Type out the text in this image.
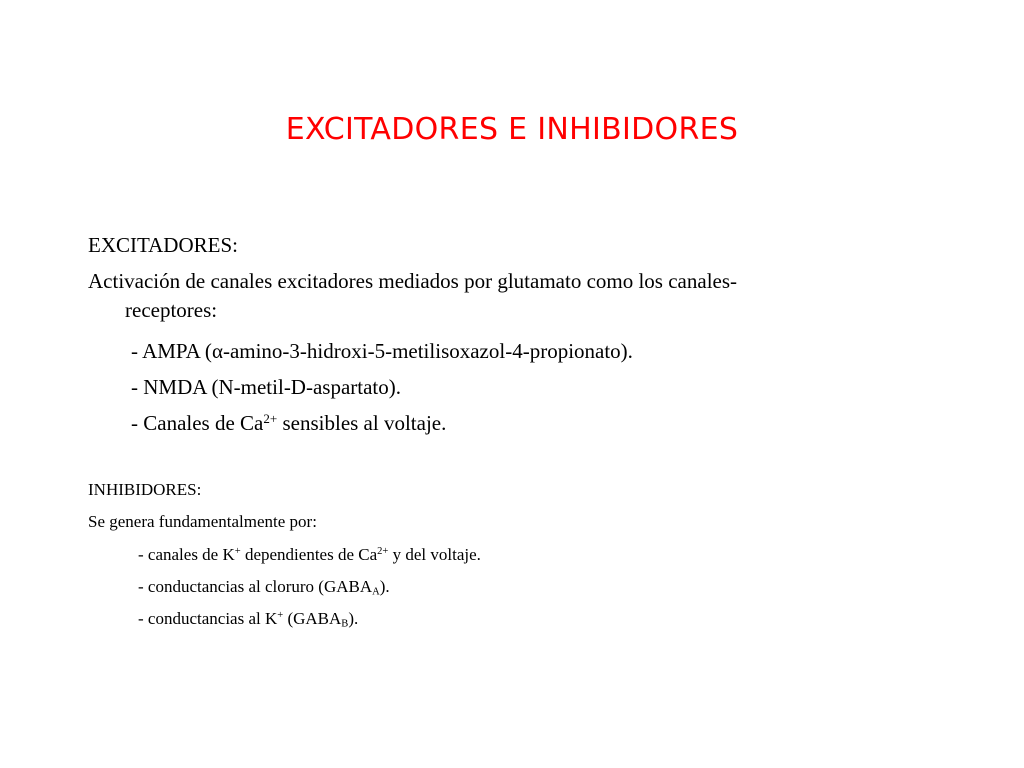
EXCITADORES E INHIBIDORES
EXCITADORES:
Activación de canales excitadores mediados por glutamato como los canales-
receptores:
- AMPA (α-amino-3-hidroxi-5-metilisoxazol-4-propionato).
- NMDA (N-metil-D-aspartato).
- Canales de $Ca^{2+}$ sensibles al voltaje.
INHIBIDORES:
Se genera fundamentalmente por:
- canales de K+ dependientes de $Ca^{2+}$ y del voltaje.
- conductancias al cloruro $(GABA_A)$.
- conductancias al K+ $(GABA_B)$.
